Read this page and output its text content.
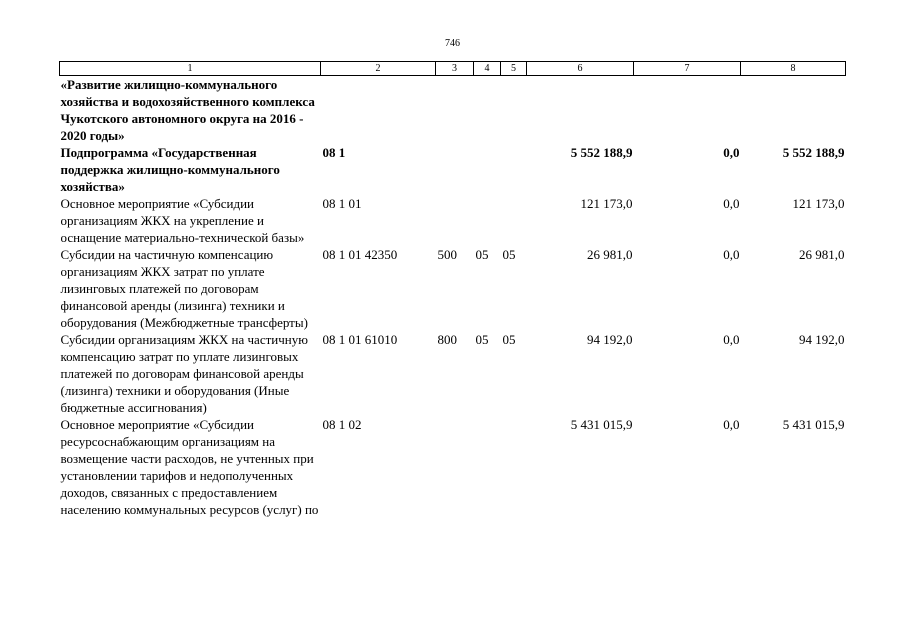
746
1	2	3	4	5	6	7	8
«Развитие жилищно-коммунального хозяйства и водохозяйственного комплекса Чукотского автономного округа на 2016 - 2020 годы»							
Подпрограмма «Государственная поддержка жилищно-коммунального хозяйства»	08 1				5 552 188,9	0,0	5 552 188,9
Основное мероприятие «Субсидии организациям ЖКХ на укрепление и оснащение материально-технической базы»	08 1 01				121 173,0	0,0	121 173,0
Субсидии на частичную компенсацию организациям ЖКХ затрат по уплате лизинговых платежей по договорам финансовой аренды (лизинга) техники и оборудования (Межбюджетные трансферты)	08 1 01 42350	500	05	05	26 981,0	0,0	26 981,0
Субсидии организациям ЖКХ на частичную компенсацию затрат по уплате лизинговых платежей по договорам финансовой аренды (лизинга) техники и оборудования (Иные бюджетные ассигнования)	08 1 01 61010	800	05	05	94 192,0	0,0	94 192,0
Основное мероприятие «Субсидии ресурсоснабжающим организациям на возмещение части расходов, не учтенных при установлении тарифов и недополученных доходов, связанных с предоставлением населению коммунальных ресурсов (услуг) по	08 1 02				5 431 015,9	0,0	5 431 015,9
